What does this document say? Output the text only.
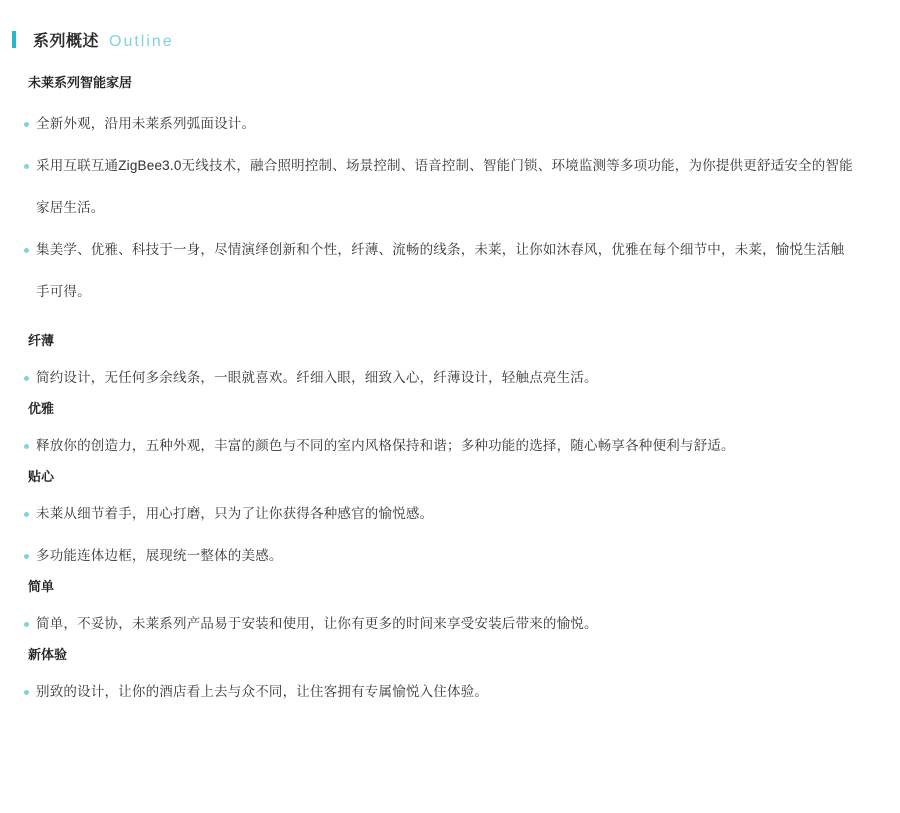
系列概述 Outline
未莱系列智能家居
全新外观，沿用未莱系列弧面设计。
采用互联互通ZigBee3.0无线技术，融合照明控制、场景控制、语音控制、智能门锁、环境监测等多项功能，为你提供更舒适安全的智能家居生活。
集美学、优雅、科技于一身，尽情演绎创新和个性，纤薄、流畅的线条，未莱，让你如沐春风，优雅在每个细节中，未莱，愉悦生活触手可得。
纤薄
简约设计，无任何多余线条，一眼就喜欢。纤细入眼，细致入心，纤薄设计，轻触点亮生活。
优雅
释放你的创造力，五种外观，丰富的颜色与不同的室内风格保持和谐；多种功能的选择，随心畅享各种便利与舒适。
贴心
未莱从细节着手，用心打磨，只为了让你获得各种感官的愉悦感。
多功能连体边框，展现统一整体的美感。
简单
简单，不妥协，未莱系列产品易于安装和使用，让你有更多的时间来享受安装后带来的愉悦。
新体验
别致的设计，让你的酒店看上去与众不同，让住客拥有专属愉悦入住体验。
